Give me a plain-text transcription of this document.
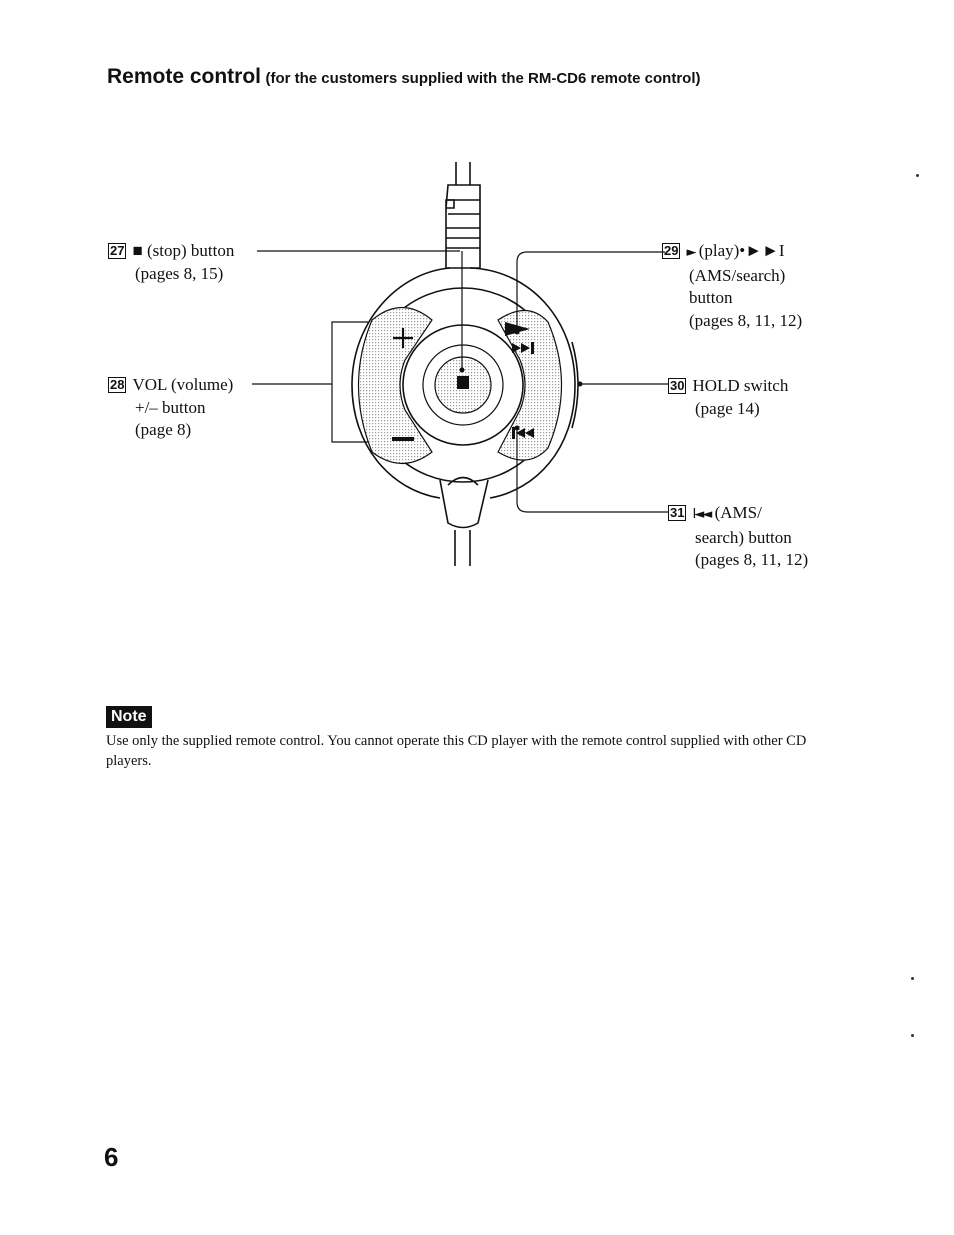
Remote control (for the customers supplied with the RM-CD6 remote control)
27 ■ (stop) button
(pages 8, 15)
28 VOL (volume)
+/– button
(page 8)
29 ► (play)•►►I
(AMS/search)
button
(pages 8, 11, 12)
30 HOLD switch
(page 14)
31 I◄◄ (AMS/
search) button
(pages 8, 11, 12)
Note
Use only the supplied remote control. You cannot operate this CD player with the remote control supplied with other CD players.
6
